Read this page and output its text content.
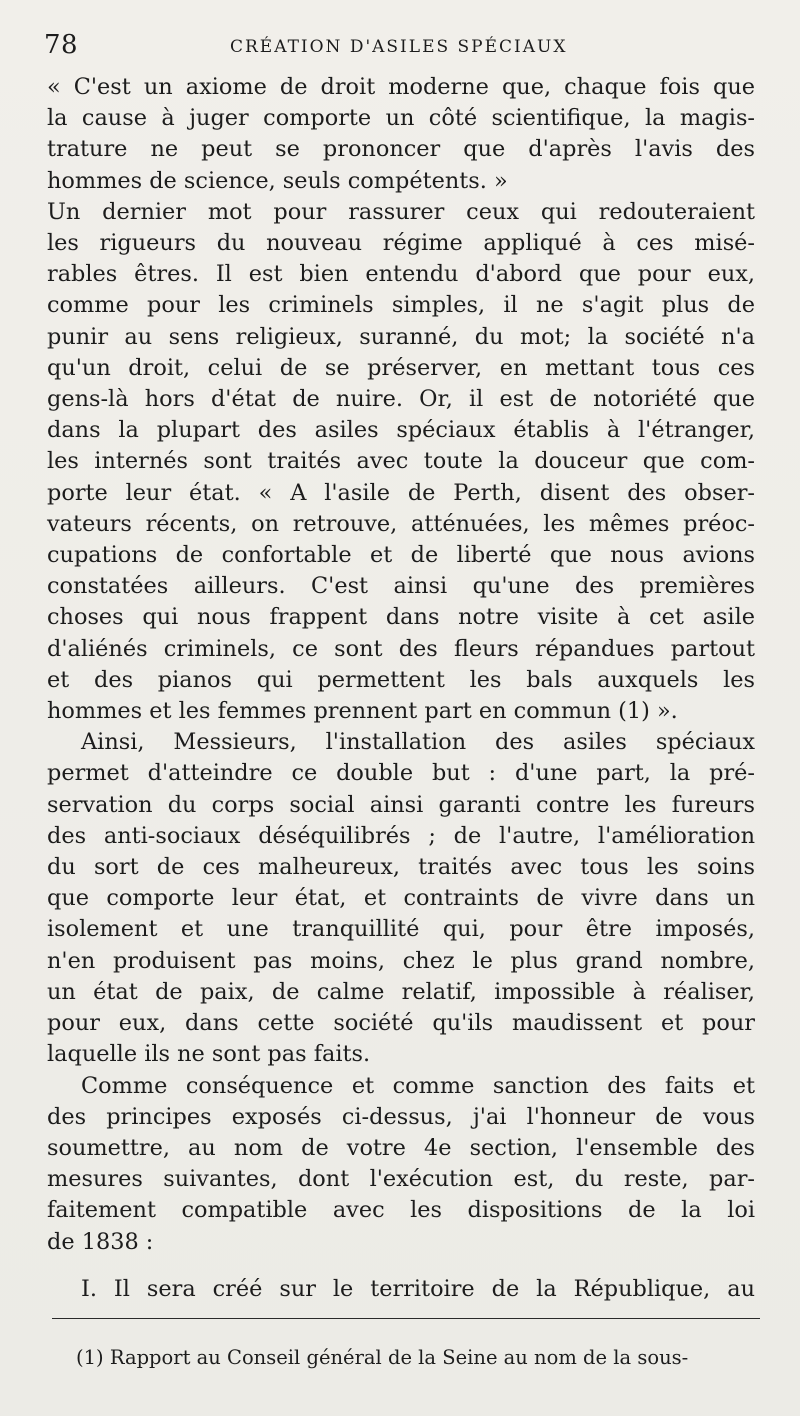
78	CRÉATION D'ASILES SPÉCIAUX

« C'est un axiome de droit moderne que, chaque fois que
la cause à juger comporte un côté scientifique, la magis-
trature ne peut se prononcer que d'après l'avis des
hommes de science, seuls compétents. »

Un dernier mot pour rassurer ceux qui redouteraient
les rigueurs du nouveau régime appliqué à ces misé-
rables êtres. Il est bien entendu d'abord que pour eux,
comme pour les criminels simples, il ne s'agit plus de
punir au sens religieux, suranné, du mot; la société n'a
qu'un droit, celui de se préserver, en mettant tous ces
gens-là hors d'état de nuire. Or, il est de notoriété que
dans la plupart des asiles spéciaux établis à l'étranger,
les internés sont traités avec toute la douceur que com-
porte leur état. « A l'asile de Perth, disent des obser-
vateurs récents, on retrouve, atténuées, les mêmes préoc-
cupations de confortable et de liberté que nous avions
constatées ailleurs. C'est ainsi qu'une des premières
choses qui nous frappent dans notre visite à cet asile
d'aliénés criminels, ce sont des fleurs répandues partout
et des pianos qui permettent les bals auxquels les
hommes et les femmes prennent part en commun (1) ».

Ainsi, Messieurs, l'installation des asiles spéciaux
permet d'atteindre ce double but : d'une part, la pré-
servation du corps social ainsi garanti contre les fureurs
des anti-sociaux déséquilibrés ; de l'autre, l'amélioration
du sort de ces malheureux, traités avec tous les soins
que comporte leur état, et contraints de vivre dans un
isolement et une tranquillité qui, pour être imposés,
n'en produisent pas moins, chez le plus grand nombre,
un état de paix, de calme relatif, impossible à réaliser,
pour eux, dans cette société qu'ils maudissent et pour
laquelle ils ne sont pas faits.

Comme conséquence et comme sanction des faits et
des principes exposés ci-dessus, j'ai l'honneur de vous
soumettre, au nom de votre 4e section, l'ensemble des
mesures suivantes, dont l'exécution est, du reste, par-
faitement compatible avec les dispositions de la loi
de 1838 :

I. Il sera créé sur le territoire de la République, au

(1) Rapport au Conseil général de la Seine au nom de la sous-
